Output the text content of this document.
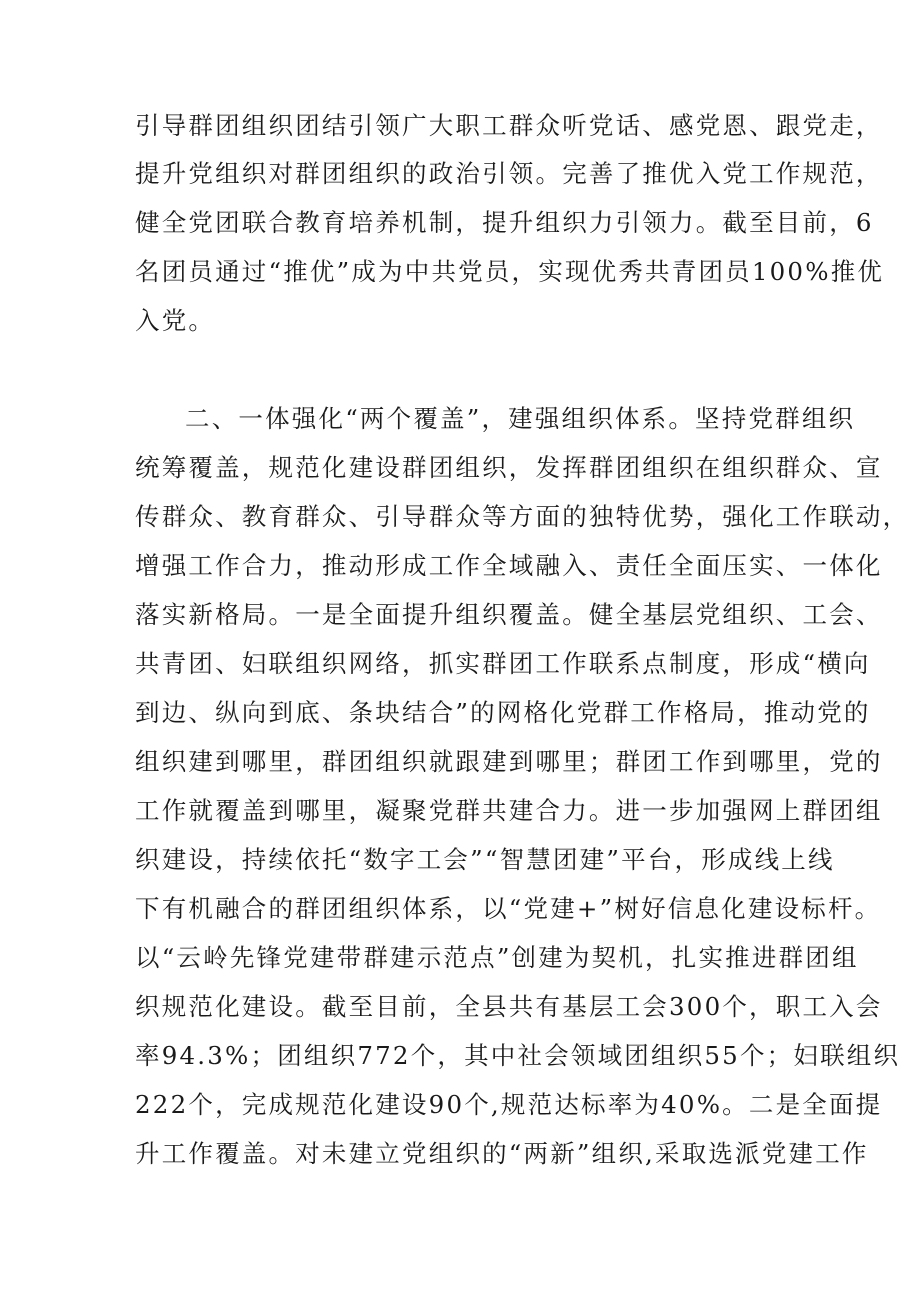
引导群团组织团结引领广大职工群众听党话、感党恩、跟党走，
提升党组织对群团组织的政治引领。完善了推优入党工作规范，
健全党团联合教育培养机制，提升组织力引领力。截至目前，6
名团员通过“推优”成为中共党员，实现优秀共青团员100%推优
入党。
二、一体强化“两个覆盖”，建强组织体系。坚持党群组织
统筹覆盖，规范化建设群团组织，发挥群团组织在组织群众、宣
传群众、教育群众、引导群众等方面的独特优势，强化工作联动，
增强工作合力，推动形成工作全域融入、责任全面压实、一体化
落实新格局。一是全面提升组织覆盖。健全基层党组织、工会、
共青团、妇联组织网络，抓实群团工作联系点制度，形成“横向
到边、纵向到底、条块结合”的网格化党群工作格局，推动党的
组织建到哪里，群团组织就跟建到哪里；群团工作到哪里，党的
工作就覆盖到哪里，凝聚党群共建合力。进一步加强网上群团组
织建设，持续依托“数字工会”“智慧团建”平台，形成线上线
下有机融合的群团组织体系，以“党建+”树好信息化建设标杆。
以“云岭先锋党建带群建示范点”创建为契机，扎实推进群团组
织规范化建设。截至目前，全县共有基层工会300个，职工入会
率94.3%；团组织772个，其中社会领域团组织55个；妇联组织
222个，完成规范化建设90个,规范达标率为40%。二是全面提
升工作覆盖。对未建立党组织的“两新”组织,采取选派党建工作
